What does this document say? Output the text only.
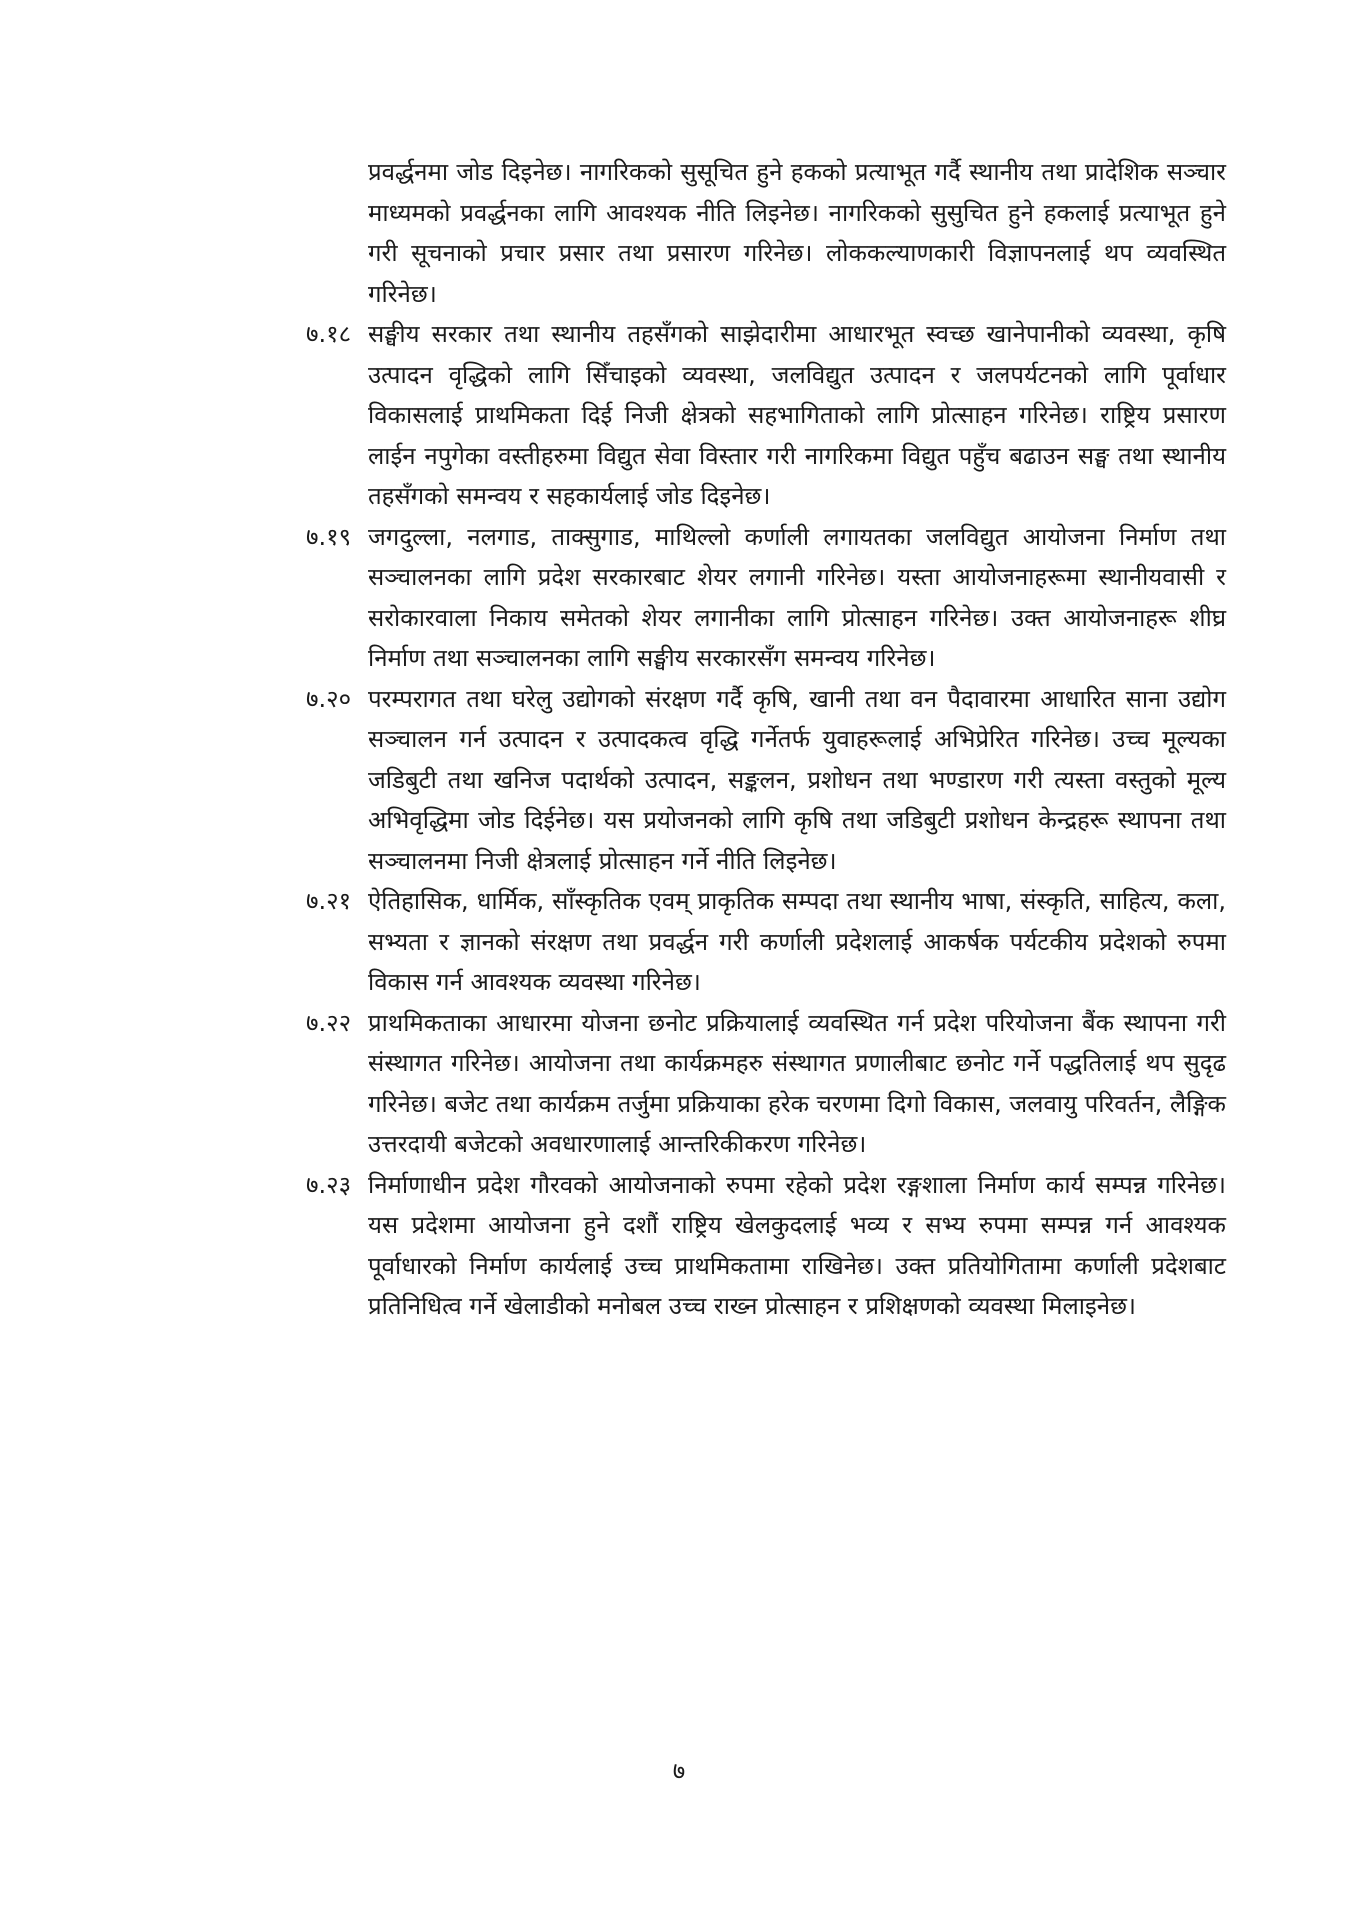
प्रवर्द्धनमा जोड दिइनेछ। नागरिकको सुसूचित हुने हकको प्रत्याभूत गर्दै स्थानीय तथा प्रादेशिक सञ्चार माध्यमको प्रवर्द्धनका लागि आवश्यक नीति लिइनेछ। नागरिकको सुसुचित हुने हकलाई प्रत्याभूत हुने गरी सूचनाको प्रचार प्रसार तथा प्रसारण गरिनेछ। लोककल्याणकारी विज्ञापनलाई थप व्यवस्थित गरिनेछ।

७.१८ सङ्घीय सरकार तथा स्थानीय तहसँगको साझेदारीमा आधारभूत स्वच्छ खानेपानीको व्यवस्था, कृषि उत्पादन वृद्धिको लागि सिँचाइको व्यवस्था, जलविद्युत उत्पादन र जलपर्यटनको लागि पूर्वाधार विकासलाई प्राथमिकता दिई निजी क्षेत्रको सहभागिताको लागि प्रोत्साहन गरिनेछ। राष्ट्रिय प्रसारण लाईन नपुगेका वस्तीहरुमा विद्युत सेवा विस्तार गरी नागरिकमा विद्युत पहुँच बढाउन सङ्घ तथा स्थानीय तहसँगको समन्वय र सहकार्यलाई जोड दिइनेछ।

७.१९ जगदुल्ला, नलगाड, ताक्सुगाड, माथिल्लो कर्णाली लगायतका जलविद्युत आयोजना निर्माण तथा सञ्चालनका लागि प्रदेश सरकारबाट शेयर लगानी गरिनेछ। यस्ता आयोजनाहरूमा स्थानीयवासी र सरोकारवाला निकाय समेतको शेयर लगानीका लागि प्रोत्साहन गरिनेछ। उक्त आयोजनाहरू शीघ्र निर्माण तथा सञ्चालनका लागि सङ्घीय सरकारसँग समन्वय गरिनेछ।

७.२० परम्परागत तथा घरेलु उद्योगको संरक्षण गर्दै कृषि, खानी तथा वन पैदावारमा आधारित साना उद्योग सञ्चालन गर्न उत्पादन र उत्पादकत्व वृद्धि गर्नेतर्फ युवाहरूलाई अभिप्रेरित गरिनेछ। उच्च मूल्यका जडिबुटी तथा खनिज पदार्थको उत्पादन, सङ्कलन, प्रशोधन तथा भण्डारण गरी त्यस्ता वस्तुको मूल्य अभिवृद्धिमा जोड दिईनेछ। यस प्रयोजनको लागि कृषि तथा जडिबुटी प्रशोधन केन्द्रहरू स्थापना तथा सञ्चालनमा निजी क्षेत्रलाई प्रोत्साहन गर्ने नीति लिइनेछ।

७.२१ ऐतिहासिक, धार्मिक, साँस्कृतिक एवम् प्राकृतिक सम्पदा तथा स्थानीय भाषा, संस्कृति, साहित्य, कला, सभ्यता र ज्ञानको संरक्षण तथा प्रवर्द्धन गरी कर्णाली प्रदेशलाई आकर्षक पर्यटकीय प्रदेशको रुपमा विकास गर्न आवश्यक व्यवस्था गरिनेछ।

७.२२ प्राथमिकताका आधारमा योजना छनोट प्रक्रियालाई व्यवस्थित गर्न प्रदेश परियोजना बैंक स्थापना गरी संस्थागत गरिनेछ। आयोजना तथा कार्यक्रमहरु संस्थागत प्रणालीबाट छनोट गर्ने पद्धतिलाई थप सुदृढ गरिनेछ। बजेट तथा कार्यक्रम तर्जुमा प्रक्रियाका हरेक चरणमा दिगो विकास, जलवायु परिवर्तन, लैङ्गिक उत्तरदायी बजेटको अवधारणालाई आन्तरिकीकरण गरिनेछ।

७.२३ निर्माणाधीन प्रदेश गौरवको आयोजनाको रुपमा रहेको प्रदेश रङ्गशाला निर्माण कार्य सम्पन्न गरिनेछ। यस प्रदेशमा आयोजना हुने दशौं राष्ट्रिय खेलकुदलाई भव्य र सभ्य रुपमा सम्पन्न गर्न आवश्यक पूर्वाधारको निर्माण कार्यलाई उच्च प्राथमिकतामा राखिनेछ। उक्त प्रतियोगितामा कर्णाली प्रदेशबाट प्रतिनिधित्व गर्ने खेलाडीको मनोबल उच्च राख्न प्रोत्साहन र प्रशिक्षणको व्यवस्था मिलाइनेछ।

७
